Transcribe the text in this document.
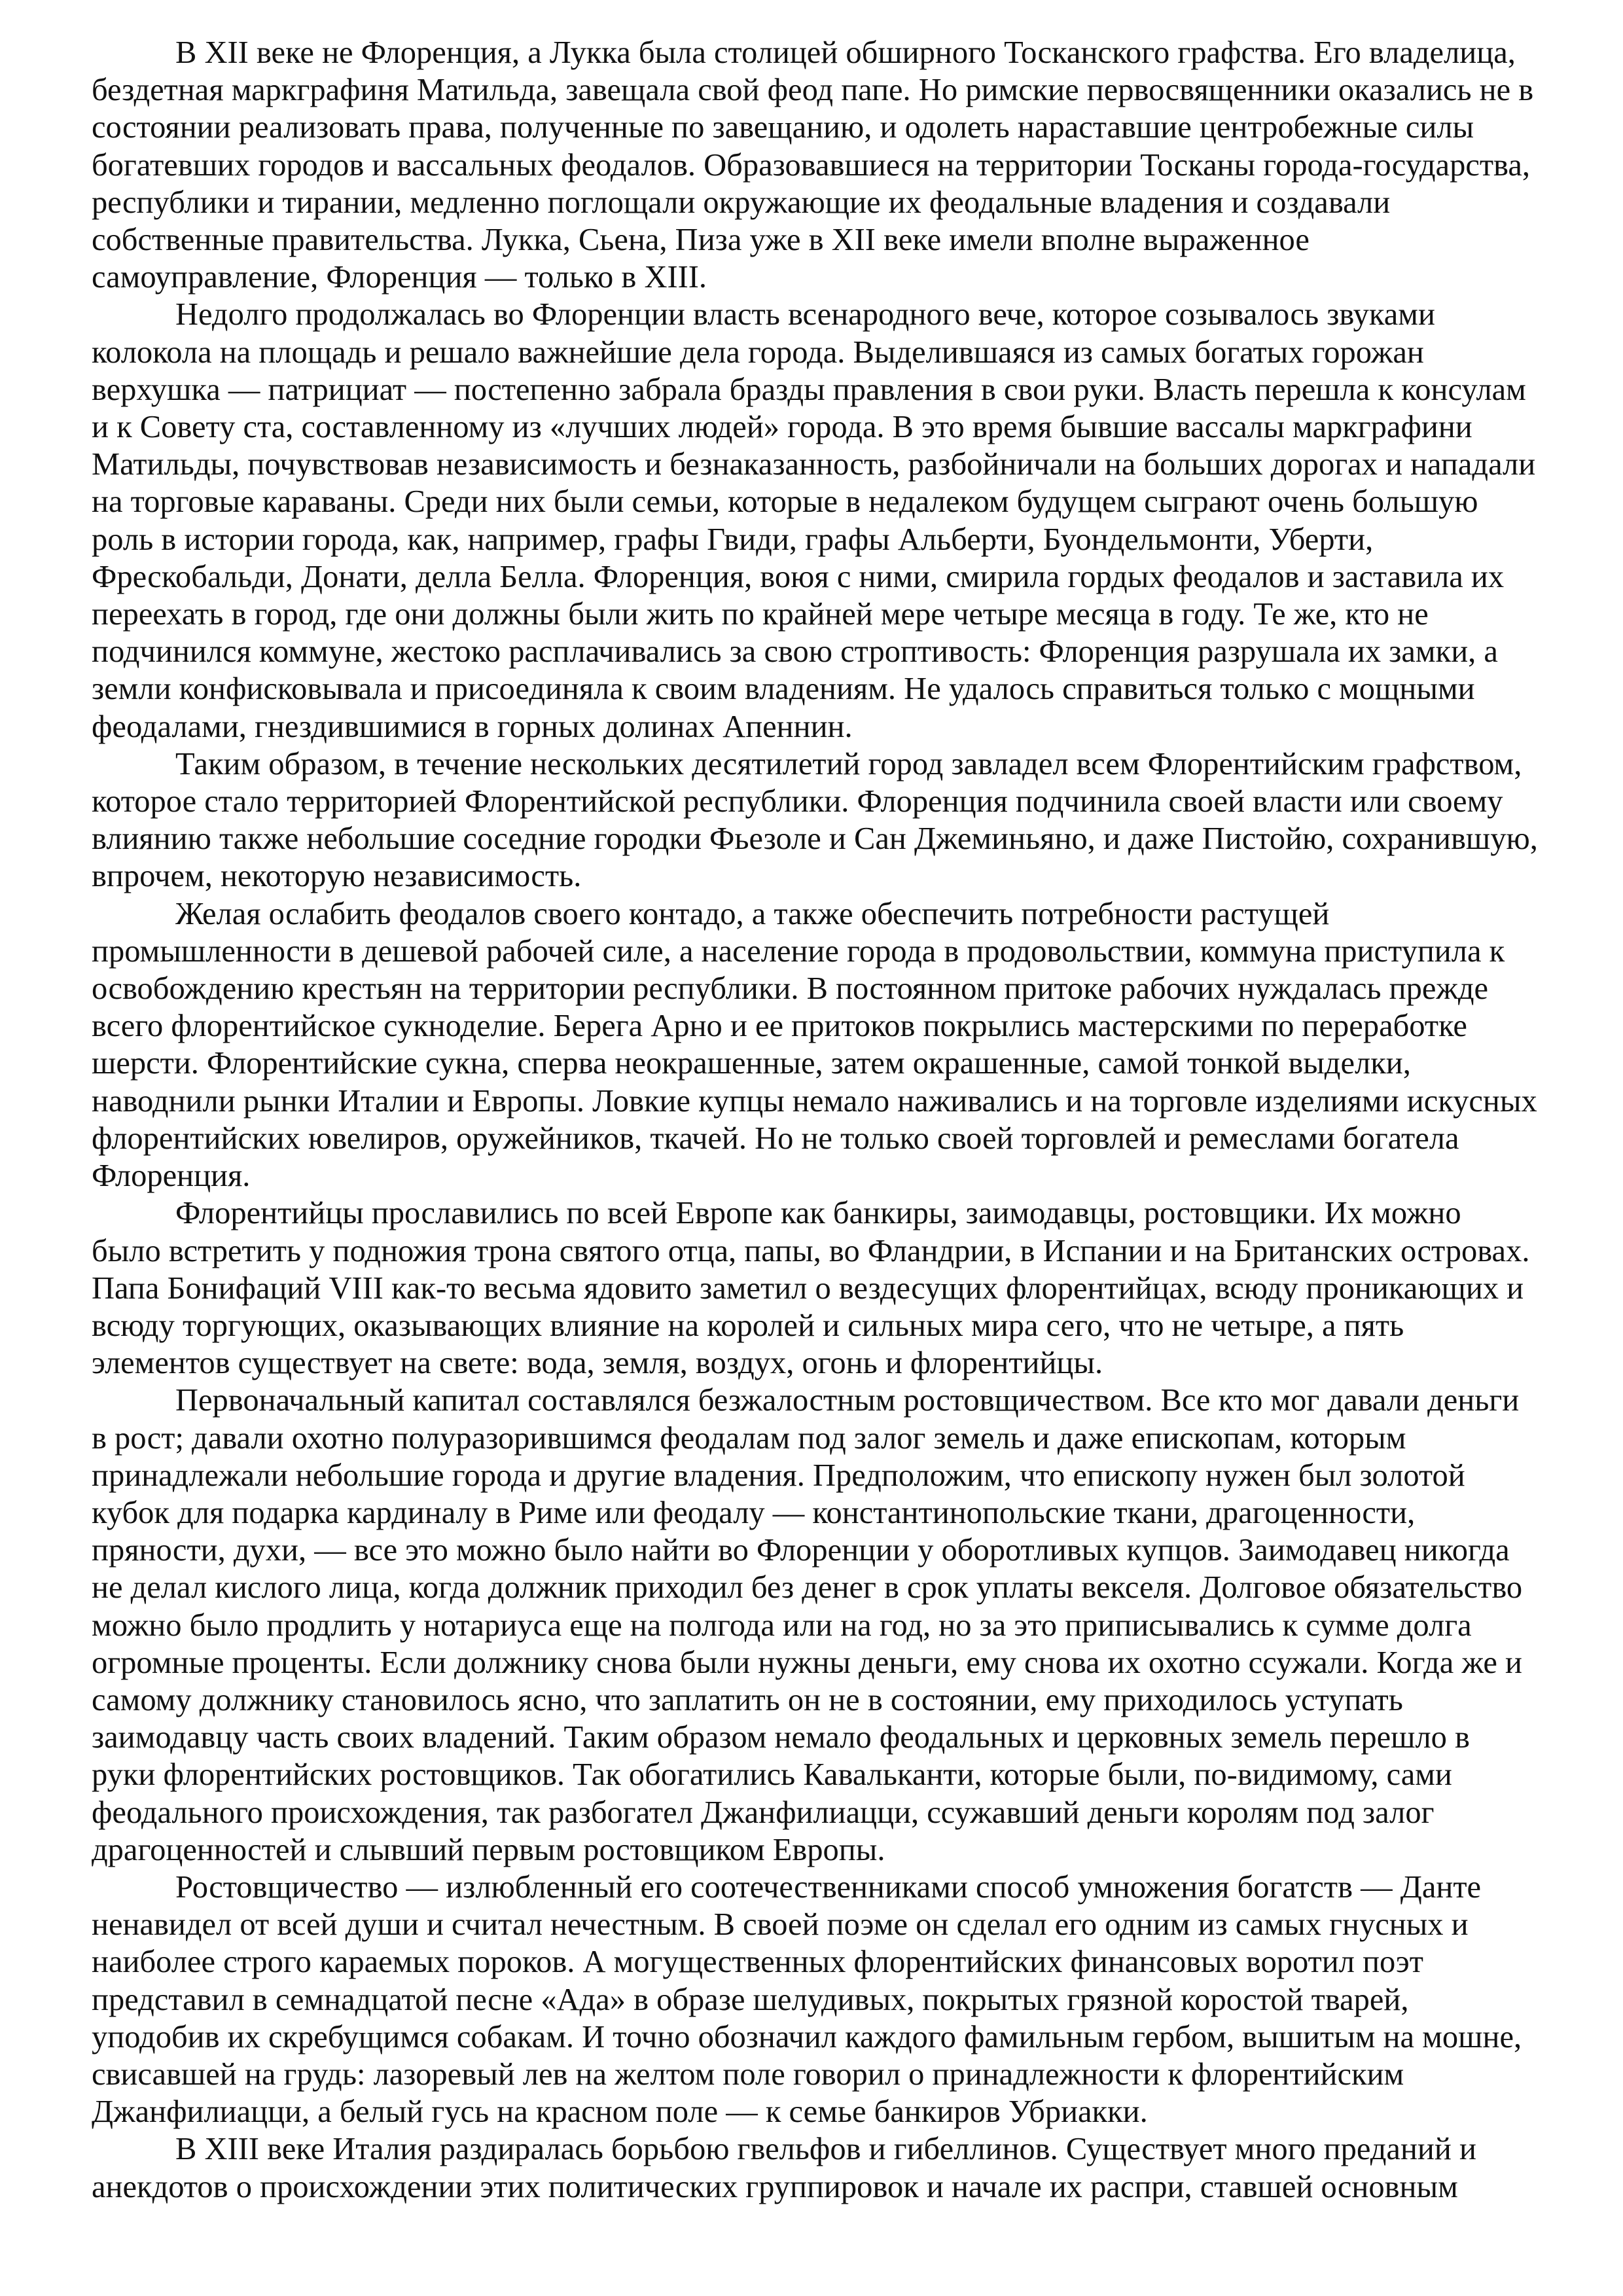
В XII веке не Флоренция, а Лукка была столицей обширного Тосканского графства. Его владелица, бездетная маркграфиня Матильда, завещала свой феод папе. Но римские первосвященники оказались не в состоянии реализовать права, полученные по завещанию, и одолеть нараставшие центробежные силы богатевших городов и вассальных феодалов. Образовавшиеся на территории Тосканы города-государства, республики и тирании, медленно поглощали окружающие их феодальные владения и создавали собственные правительства. Лукка, Сьена, Пиза уже в XII веке имели вполне выраженное самоуправление, Флоренция — только в XIII.

Недолго продолжалась во Флоренции власть всенародного вече, которое созывалось звуками колокола на площадь и решало важнейшие дела города. Выделившаяся из самых богатых горожан верхушка — патрициат — постепенно забрала бразды правления в свои руки. Власть перешла к консулам и к Совету ста, составленному из «лучших людей» города. В это время бывшие вассалы маркграфини Матильды, почувствовав независимость и безнаказанность, разбойничали на больших дорогах и нападали на торговые караваны. Среди них были семьи, которые в недалеком будущем сыграют очень большую роль в истории города, как, например, графы Гвиди, графы Альберти, Буондельмонти, Уберти, Фрескобальди, Донати, делла Белла. Флоренция, воюя с ними, смирила гордых феодалов и заставила их переехать в город, где они должны были жить по крайней мере четыре месяца в году. Те же, кто не подчинился коммуне, жестоко расплачивались за свою строптивость: Флоренция разрушала их замки, а земли конфисковывала и присоединяла к своим владениям. Не удалось справиться только с мощными феодалами, гнездившимися в горных долинах Апеннин.

Таким образом, в течение нескольких десятилетий город завладел всем Флорентийским графством, которое стало территорией Флорентийской республики. Флоренция подчинила своей власти или своему влиянию также небольшие соседние городки Фьезоле и Сан Джеминьяно, и даже Пистойю, сохранившую, впрочем, некоторую независимость.

Желая ослабить феодалов своего контадо, а также обеспечить потребности растущей промышленности в дешевой рабочей силе, а население города в продовольствии, коммуна приступила к освобождению крестьян на территории республики. В постоянном притоке рабочих нуждалась прежде всего флорентийское сукноделие. Берега Арно и ее притоков покрылись мастерскими по переработке шерсти. Флорентийские сукна, сперва неокрашенные, затем окрашенные, самой тонкой выделки, наводнили рынки Италии и Европы. Ловкие купцы немало наживались и на торговле изделиями искусных флорентийских ювелиров, оружейников, ткачей. Но не только своей торговлей и ремеслами богатела Флоренция.

Флорентийцы прославились по всей Европе как банкиры, заимодавцы, ростовщики. Их можно было встретить у подножия трона святого отца, папы, во Фландрии, в Испании и на Британских островах. Папа Бонифаций VIII как-то весьма ядовито заметил о вездесущих флорентийцах, всюду проникающих и всюду торгующих, оказывающих влияние на королей и сильных мира сего, что не четыре, а пять элементов существует на свете: вода, земля, воздух, огонь и флорентийцы.

Первоначальный капитал составлялся безжалостным ростовщичеством. Все кто мог давали деньги в рост; давали охотно полуразорившимся феодалам под залог земель и даже епископам, которым принадлежали небольшие города и другие владения. Предположим, что епископу нужен был золотой кубок для подарка кардиналу в Риме или феодалу — константинопольские ткани, драгоценности, пряности, духи, — все это можно было найти во Флоренции у оборотливых купцов. Заимодавец никогда не делал кислого лица, когда должник приходил без денег в срок уплаты векселя. Долговое обязательство можно было продлить у нотариуса еще на полгода или на год, но за это приписывались к сумме долга огромные проценты. Если должнику снова были нужны деньги, ему снова их охотно ссужали. Когда же и самому должнику становилось ясно, что заплатить он не в состоянии, ему приходилось уступать заимодавцу часть своих владений. Таким образом немало феодальных и церковных земель перешло в руки флорентийских ростовщиков. Так обогатились Кавальканти, которые были, по-видимому, сами феодального происхождения, так разбогател Джанфилиацци, ссужавший деньги королям под залог драгоценностей и слывший первым ростовщиком Европы.

Ростовщичество — излюбленный его соотечественниками способ умножения богатств — Данте ненавидел от всей души и считал нечестным. В своей поэме он сделал его одним из самых гнусных и наиболее строго караемых пороков. А могущественных флорентийских финансовых воротил поэт представил в семнадцатой песне «Ада» в образе шелудивых, покрытых грязной коростой тварей, уподобив их скребущимся собакам. И точно обозначил каждого фамильным гербом, вышитым на мошне, свисавшей на грудь: лазоревый лев на желтом поле говорил о принадлежности к флорентийским Джанфилиацци, а белый гусь на красном поле — к семье банкиров Убриакки.

В XIII веке Италия раздиралась борьбою гвельфов и гибеллинов. Существует много преданий и анекдотов о происхождении этих политических группировок и начале их распри, ставшей основным
